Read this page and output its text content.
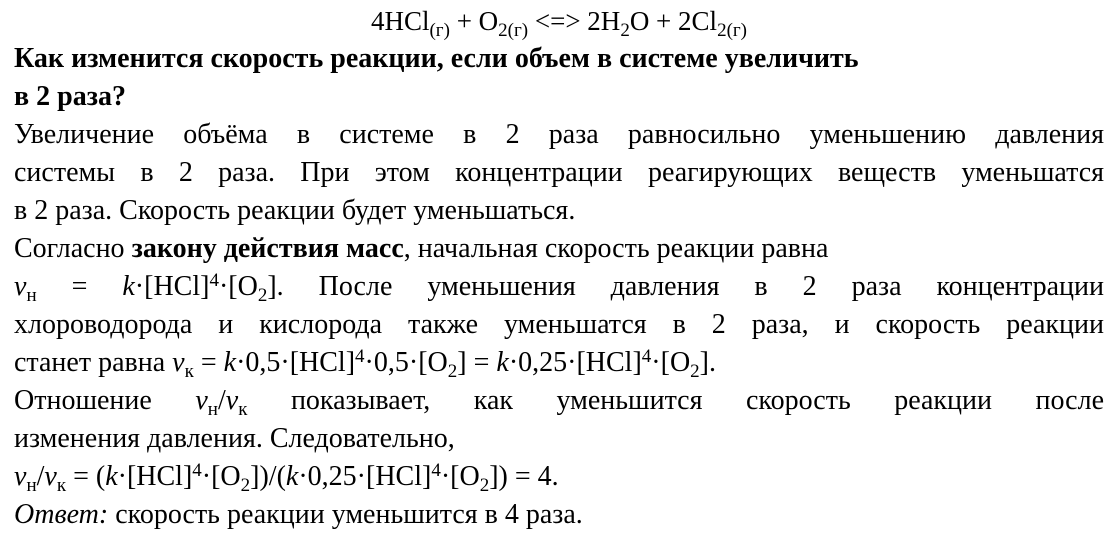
$4HCl_{(г)} + O_{2(г)}$ <=> $2H_2O + 2Cl_{2(г)}$
Как изменится скорость реакции, если объем в системе увеличить
в 2 раза?
Увеличение объёма в системе в 2 раза равносильно уменьшению давления
системы в 2 раза. При этом концентрации реагирующих веществ уменьшатся
в 2 раза. Скорость реакции будет уменьшаться.
Согласно закону действия масс, начальная скорость реакции равна
$v_н = k\cdot[HCl]^4\cdot[O_2]$. После уменьшения давления в 2 раза концентрации
хлороводорода и кислорода также уменьшатся в 2 раза, и скорость реакции
станет равна $v_к = k\cdot 0,5\cdot[HCl]^4\cdot 0,5\cdot[O_2] = k\cdot 0,25\cdot[HCl]^4\cdot[O_2]$.
Отношение $v_н/v_к$ показывает, как уменьшится скорость реакции после
изменения давления. Следовательно,
$v_н/v_к = (k\cdot[HCl]^4\cdot[O_2])/(k\cdot 0,25\cdot[HCl]^4\cdot[O_2]) = 4$.
Ответ: скорость реакции уменьшится в 4 раза.
